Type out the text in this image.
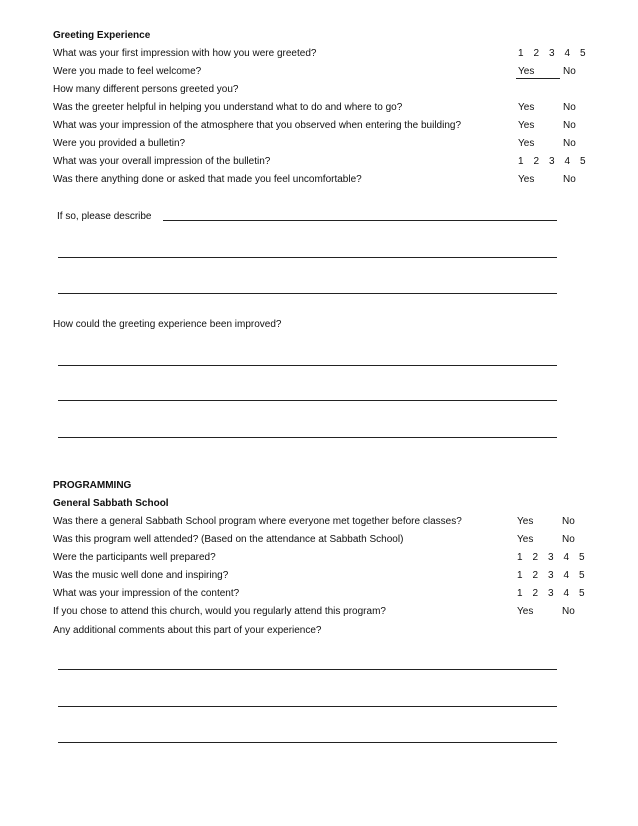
Greeting Experience
What was your first impression with how you were greeted?	1 2 3 4 5
Were you made to feel welcome?	Yes	No
How many different persons greeted you?
Was the greeter helpful in helping you understand what to do and where to go?	Yes	No
What was your impression of the atmosphere that you observed when entering the building?	Yes	No
Were you provided a bulletin?	Yes	No
What was your overall impression of the bulletin?	1 2 3 4 5
Was there anything done or asked that made you feel uncomfortable?	Yes	No
If so, please describe
How could the greeting experience been improved?
PROGRAMMING
General Sabbath School
Was there a general Sabbath School program where everyone met together before classes?	Yes	No
Was this program well attended? (Based on the attendance at Sabbath School)	Yes	No
Were the participants well prepared?	1 2 3 4 5
Was the music well done and inspiring?	1 2 3 4 5
What was your impression of the content?	1 2 3 4 5
If you chose to attend this church, would you regularly attend this program?	Yes	No
Any additional comments about this part of your experience?
